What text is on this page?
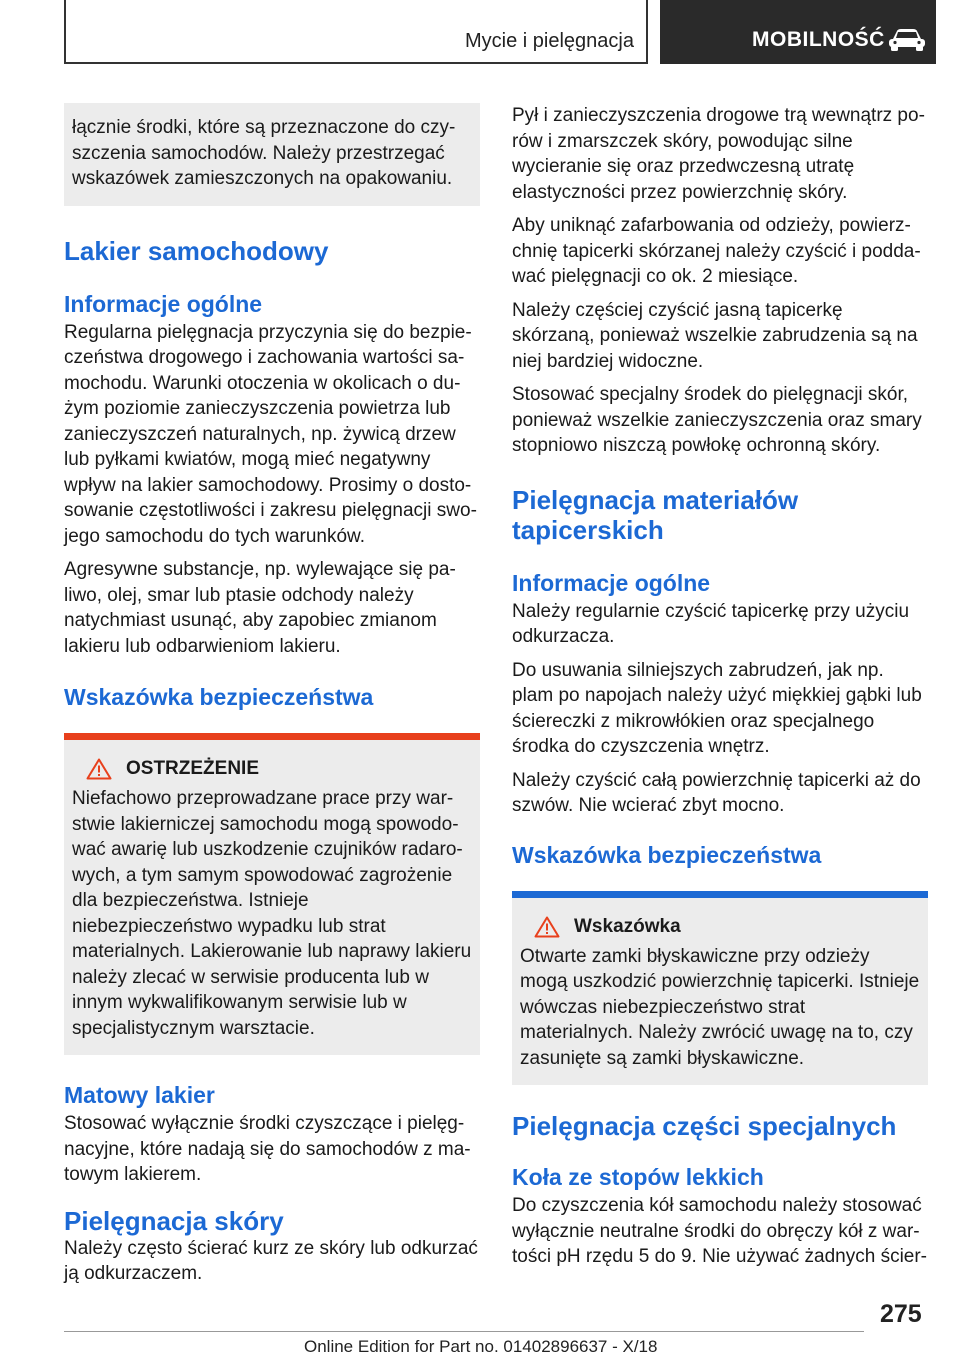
Mycie i pielęgnacja	MOBILNOŚĆ

łącznie środki, które są przeznaczone do czyszczenia samochodów. Należy przestrzegać wskazówek zamieszczonych na opakowaniu.

Lakier samochodowy
Informacje ogólne

Regularna pielęgnacja przyczynia się do bezpieczeństwa drogowego i zachowania wartości samochodu. Warunki otoczenia w okolicach o dużym poziomie zanieczyszczenia powietrza lub zanieczyszczeń naturalnych, np. żywicą drzew lub pyłkami kwiatów, mogą mieć negatywny wpływ na lakier samochodowy. Prosimy o dostosowanie częstotliwości i zakresu pielęgnacji swojego samochodu do tych warunków.

Agresywne substancje, np. wylewające się paliwo, olej, smar lub ptasie odchody należy natychmiast usunąć, aby zapobiec zmianom lakieru lub odbarwieniom lakieru.

Wskazówka bezpieczeństwa
OSTRZEŻENIE

Niefachowo przeprowadzane prace przy warstwie lakierniczej samochodu mogą spowodować awarię lub uszkodzenie czujników radarowych, a tym samym spowodować zagrożenie dla bezpieczeństwa. Istnieje niebezpieczeństwo wypadku lub strat materialnych. Lakierowanie lub naprawy lakieru należy zlecać w serwisie producenta lub w innym wykwalifikowanym serwisie lub w specjalistycznym warsztacie.

Matowy lakier

Stosować wyłącznie środki czyszczące i pielęgnacyjne, które nadają się do samochodów z matowym lakierem.

Pielęgnacja skóry

Należy często ścierać kurz ze skóry lub odkurzać ją odkurzaczem.

Pył i zanieczyszczenia drogowe trą wewnątrz porów i zmarszczek skóry, powodując silne wycieranie się oraz przedwczesną utratę elastyczności przez powierzchnię skóry.

Aby uniknąć zafarbowania od odzieży, powierzchnię tapicerki skórzanej należy czyścić i poddawać pielęgnacji co ok. 2 miesiące.

Należy częściej czyścić jasną tapicerkę skórzaną, ponieważ wszelkie zabrudzenia są na niej bardziej widoczne.

Stosować specjalny środek do pielęgnacji skór, ponieważ wszelkie zanieczyszczenia oraz smary stopniowo niszczą powłokę ochronną skóry.

Pielęgnacja materiałów tapicerskich
Informacje ogólne

Należy regularnie czyścić tapicerkę przy użyciu odkurzacza.

Do usuwania silniejszych zabrudzeń, jak np. plam po napojach należy użyć miękkiej gąbki lub ściereczki z mikrowłókien oraz specjalnego środka do czyszczenia wnętrz.

Należy czyścić całą powierzchnię tapicerki aż do szwów. Nie wcierać zbyt mocno.

Wskazówka bezpieczeństwa
Wskazówka

Otwarte zamki błyskawiczne przy odzieży mogą uszkodzić powierzchnię tapicerki. Istnieje wówczas niebezpieczeństwo strat materialnych. Należy zwrócić uwagę na to, czy zasunięte są zamki błyskawiczne.

Pielęgnacja części specjalnych
Koła ze stopów lekkich

Do czyszczenia kół samochodu należy stosować wyłącznie neutralne środki do obręczy kół z wartości pH rzędu 5 do 9. Nie używać żadnych ścier-

275
Online Edition for Part no. 01402896637 - X/18
